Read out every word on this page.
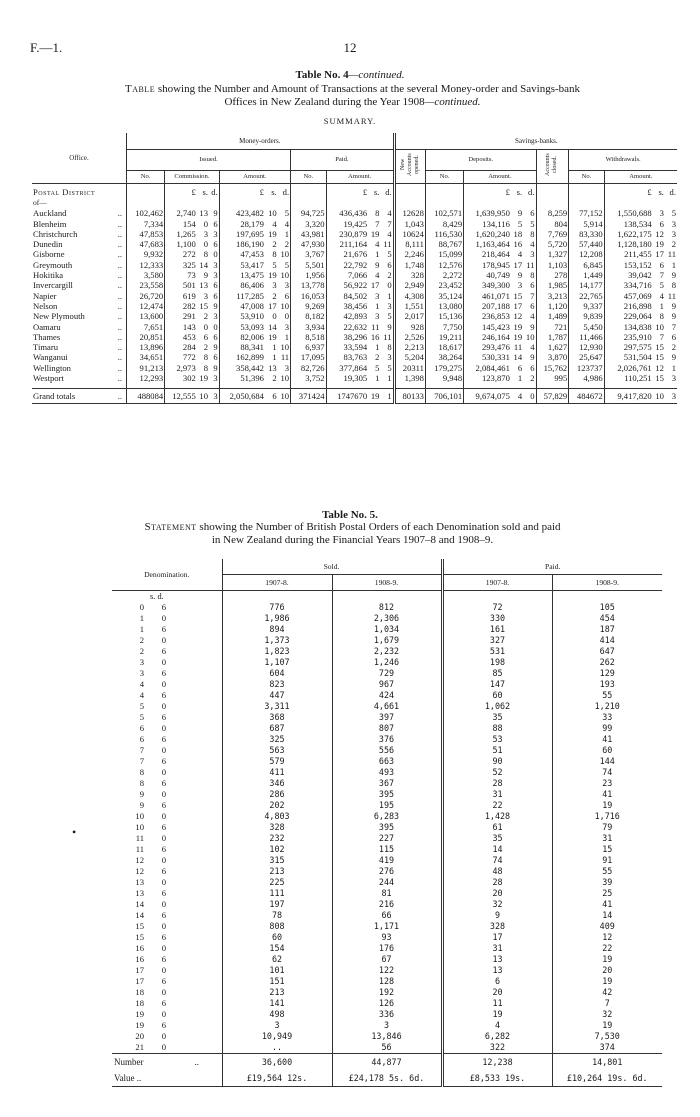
F.—1.	12
Table No. 4—continued.
Table showing the Number and Amount of Transactions at the several Money-order and Savings-bank
Offices in New Zealand during the Year 1908—continued.
SUMMARY.
Office.		Money-orders.											Savings-banks.									
		Issued.							Paid.				New Accounts opened.	Deposits.				Accounts closed.	Withdrawals.			
		No.	Commission.			Amount.			No.	Amount.				No.	Amount.				No.	Amount.		
Postal District			£	s.	d.	£	s.	d.		£	s.	d.			£	s.	d.			£	s.	d.
of—																						
Auckland	..	102,462	2,740	13	9	423,482	10	5	94,725	436,436	8	4	12628	102,571	1,639,950	9	6	8,259	77,152	1,550,688	3	5
Blenheim	..	7,334	154	0	6	28,179	4	4	3,320	19,425	7	7	1,043	8,429	134,116	5	5	804	5,914	138,534	6	3
Christchurch	..	47,853	1,265	3	3	197,695	19	1	43,981	230,879	19	4	10624	116,530	1,620,240	18	8	7,769	83,330	1,622,175	12	3
Dunedin	..	47,683	1,100	0	6	186,190	2	2	47,930	211,164	4	11	8,111	88,767	1,163,464	16	4	5,720	57,440	1,128,180	19	2
Gisborne	..	9,932	272	8	0	47,453	8	10	3,767	21,676	1	5	2,246	15,099	218,464	4	3	1,327	12,208	211,455	17	11
Greymouth	..	12,333	325	14	3	53,417	5	5	5,501	22,792	9	6	1,748	12,576	178,945	17	11	1,103	6,845	153,152	6	1
Hokitika	..	3,580	73	9	3	13,475	19	10	1,956	7,066	4	2	328	2,272	40,749	9	8	278	1,449	39,042	7	9
Invercargill	..	23,558	501	13	6	86,406	3	3	13,778	56,922	17	0	2,949	23,452	349,300	3	6	1,985	14,177	334,716	5	8
Napier	..	26,720	619	3	6	117,285	2	6	16,053	84,502	3	1	4,308	35,124	461,071	15	7	3,213	22,765	457,069	4	11
Nelson	..	12,474	282	15	9	47,008	17	10	9,269	38,456	1	3	1,551	13,080	207,188	17	6	1,120	9,337	216,898	1	9
New Plymouth	..	13,600	291	2	3	53,910	0	0	8,182	42,893	3	5	2,017	15,136	236,853	12	4	1,489	9,839	229,064	8	9
Oamaru	..	7,651	143	0	0	53,093	14	3	3,934	22,632	11	9	928	7,750	145,423	19	9	721	5,450	134,838	10	7
Thames	..	20,851	453	6	6	82,006	19	1	8,518	38,296	16	11	2,526	19,211	246,164	19	10	1,787	11,466	235,910	7	6
Timaru	..	13,896	284	2	9	88,341	1	10	6,937	33,594	1	8	2,213	18,617	293,476	11	4	1,627	12,930	297,575	15	2
Wanganui	..	34,651	772	8	6	162,899	1	11	17,095	83,763	2	3	5,204	38,264	530,331	14	9	3,870	25,647	531,504	15	9
Wellington	..	91,213	2,973	8	9	358,442	13	3	82,726	377,864	5	5	20311	179,275	2,084,461	6	6	15,762	123737	2,026,761	12	1
Westport	..	12,293	302	19	3	51,396	2	10	3,752	19,305	1	1	1,398	9,948	123,870	1	2	995	4,986	110,251	15	3

Grand totals	..	488084	12,555	10	3	2,050,684	6	10	371424	1747670	19	1	80133	706,101	9,674,075	4	0	57,829	484672	9,417,820	10	3
Table No. 5.
Statement showing the Number of British Postal Orders of each Denomination sold and paid
in New Zealand during the Financial Years 1907–8 and 1908–9.
Denomination.			Sold.		Paid.	
			1907-8.	1908-9.	1907-8.	1908-9.
	s. d.					
0	6		776	812	72	105
1	0		1,986	2,306	330	454
1	6		894	1,034	161	187
2	0		1,373	1,679	327	414
2	6		1,823	2,232	531	647
3	0		1,107	1,246	198	262
3	6		604	729	85	129
4	0		823	967	147	193
4	6		447	424	60	55
5	0		3,311	4,661	1,062	1,210
5	6		368	397	35	33
6	0		687	807	88	99
6	6		325	376	53	41
7	0		563	556	51	60
7	6		579	663	90	144
8	0		411	493	52	74
8	6		346	367	28	23
9	0		286	395	31	41
9	6		202	195	22	19
10	0		4,803	6,283	1,428	1,716
10	6		328	395	61	79
11	0		232	227	35	31
11	6		102	115	14	15
12	0		315	419	74	91
12	6		213	276	48	55
13	0		225	244	28	39
13	6		111	81	20	25
14	0		197	216	32	41
14	6		78	66	9	14
15	0		808	1,171	328	409
15	6		60	93	17	12
16	0		154	176	31	22
16	6		62	67	13	19
17	0		101	122	13	20
17	6		151	128	6	19
18	0		213	192	20	42
18	6		141	126	11	7
19	0		498	336	19	32
19	6		3	3	4	19
20	0		10,949	13,846	6,282	7,530
21	0		..	56	322	374
Number		..	36,600	44,877	12,238	14,801
Value ..			£19,564 12s.	£24,178 5s. 6d.	£8,533 19s.	£10,264 19s. 6d.
•
